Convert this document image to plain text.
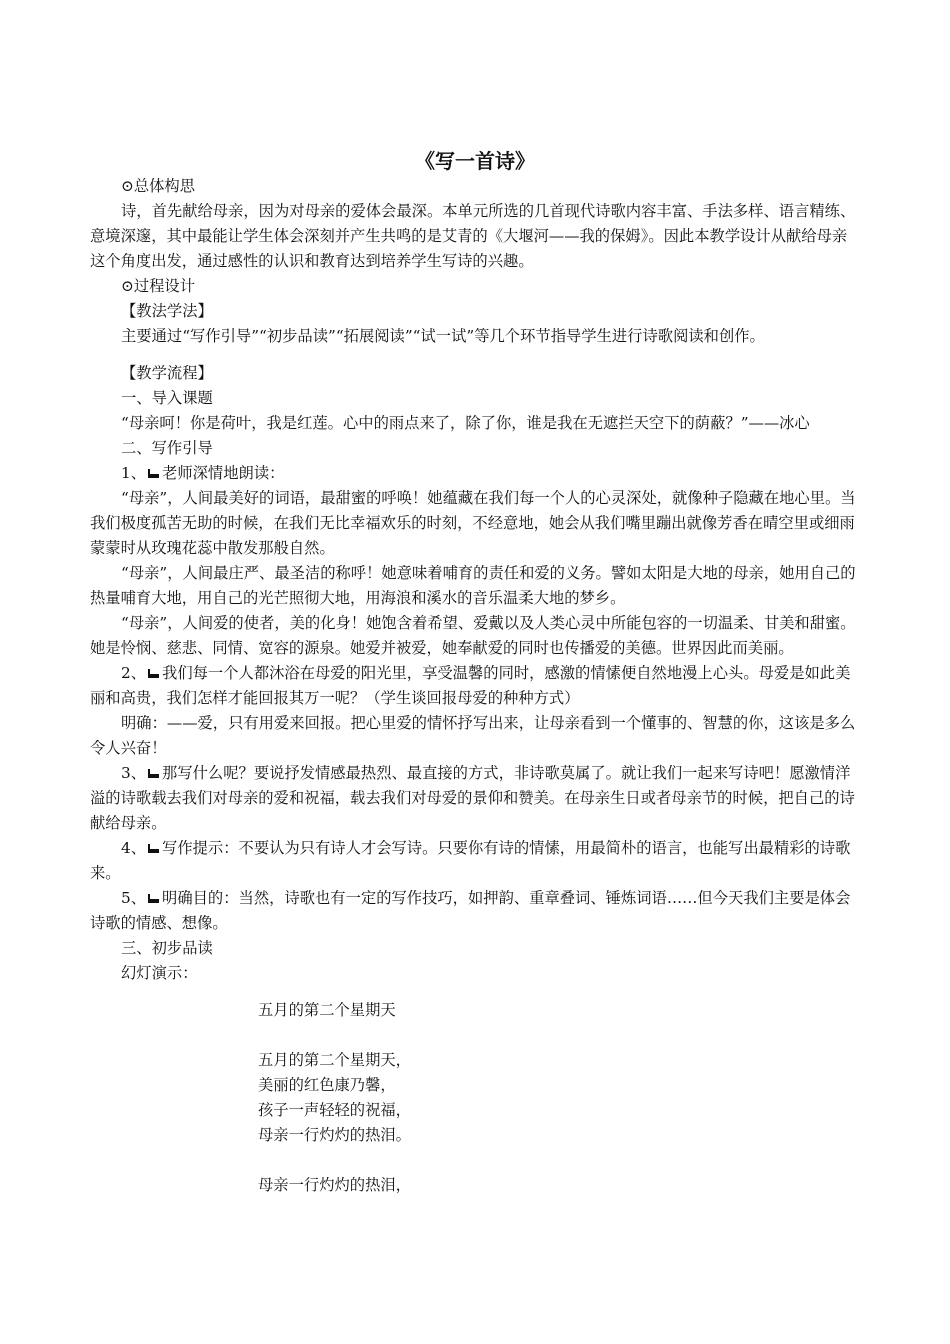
《写一首诗》

⊙总体构思

诗，首先献给母亲，因为对母亲的爱体会最深。本单元所选的几首现代诗歌内容丰富、手法多样、语言精练、意境深邃，其中最能让学生体会深刻并产生共鸣的是艾青的《大堰河——我的保姆》。因此本教学设计从献给母亲这个角度出发，通过感性的认识和教育达到培养学生写诗的兴趣。

⊙过程设计

【教法学法】

主要通过“写作引导”“初步品读”“拓展阅读”“试一试”等几个环节指导学生进行诗歌阅读和创作。

【教学流程】

一、导入课题

“母亲呵！你是荷叶，我是红莲。心中的雨点来了，除了你，谁是我在无遮拦天空下的荫蔽？”——冰心

二、写作引导

1、 老师深情地朗读：

“母亲”，人间最美好的词语，最甜蜜的呼唤！她蕴藏在我们每一个人的心灵深处，就像种子隐藏在地心里。当我们极度孤苦无助的时候，在我们无比幸福欢乐的时刻，不经意地，她会从我们嘴里蹦出就像芳香在晴空里或细雨蒙蒙时从玫瑰花蕊中散发那般自然。

“母亲”，人间最庄严、最圣洁的称呼！她意味着哺育的责任和爱的义务。譬如太阳是大地的母亲，她用自己的热量哺育大地，用自己的光芒照彻大地，用海浪和溪水的音乐温柔大地的梦乡。

“母亲”，人间爱的使者，美的化身！她饱含着希望、爱戴以及人类心灵中所能包容的一切温柔、甘美和甜蜜。她是怜悯、慈悲、同情、宽容的源泉。她爱并被爱，她奉献爱的同时也传播爱的美德。世界因此而美丽。

2、 我们每一个人都沐浴在母爱的阳光里，享受温馨的同时，感激的情愫便自然地漫上心头。母爱是如此美丽和高贵，我们怎样才能回报其万一呢？（学生谈回报母爱的种种方式）

明确：——爱，只有用爱来回报。把心里爱的情怀抒写出来，让母亲看到一个懂事的、智慧的你，这该是多么令人兴奋！

3、 那写什么呢？要说抒发情感最热烈、最直接的方式，非诗歌莫属了。就让我们一起来写诗吧！愿激情洋溢的诗歌载去我们对母亲的爱和祝福，载去我们对母爱的景仰和赞美。在母亲生日或者母亲节的时候，把自己的诗献给母亲。

4、 写作提示：不要认为只有诗人才会写诗。只要你有诗的情愫，用最简朴的语言，也能写出最精彩的诗歌来。

5、 明确目的：当然，诗歌也有一定的写作技巧，如押韵、重章叠词、锤炼词语……但今天我们主要是体会诗歌的情感、想像。

三、初步品读

幻灯演示：

五月的第二个星期天

五月的第二个星期天，

美丽的红色康乃馨，

孩子一声轻轻的祝福，

母亲一行灼灼的热泪。

母亲一行灼灼的热泪，
